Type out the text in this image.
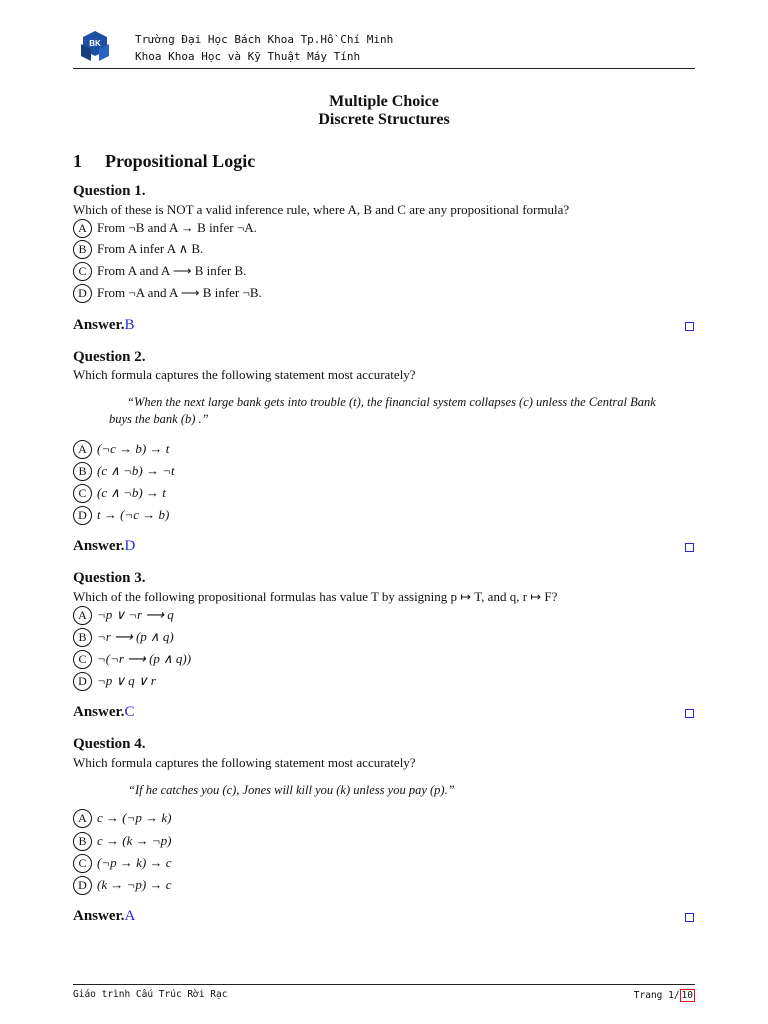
BK	Trường Đại Học Bách Khoa Tp.Hồ Chí Minh
Khoa Khoa Học và Kỹ Thuật Máy Tính
Multiple Choice
Discrete Structures
1 Propositional Logic
Question 1.
Which of these is NOT a valid inference rule, where A, B and C are any propositional formula?
A From ¬B and A → B infer ¬A.
B From A infer A ∧ B.
C From A and A ⟶ B infer B.
D From ¬A and A ⟶ B infer ¬B.
Answer.B
Question 2.
Which formula captures the following statement most accurately?
“When the next large bank gets into trouble (t), the financial system collapses (c) unless the Central Bank buys the bank (b) .”
A (¬c → b) → t
B (c ∧ ¬b) → ¬t
C (c ∧ ¬b) → t
D t → (¬c → b)
Answer.D
Question 3.
Which of the following propositional formulas has value T by assigning p ↦ T, and q, r ↦ F?
A ¬p ∨ ¬r ⟶ q
B ¬r ⟶ (p ∧ q)
C ¬(¬r ⟶ (p ∧ q))
D ¬p ∨ q ∨ r
Answer.C
Question 4.
Which formula captures the following statement most accurately?
“If he catches you (c), Jones will kill you (k) unless you pay (p).”
A c → (¬p → k)
B c → (k → ¬p)
C (¬p → k) → c
D (k → ¬p) → c
Answer.A
Giáo trình Cấu Trúc Rời Rạc	Trang 1/ 10
